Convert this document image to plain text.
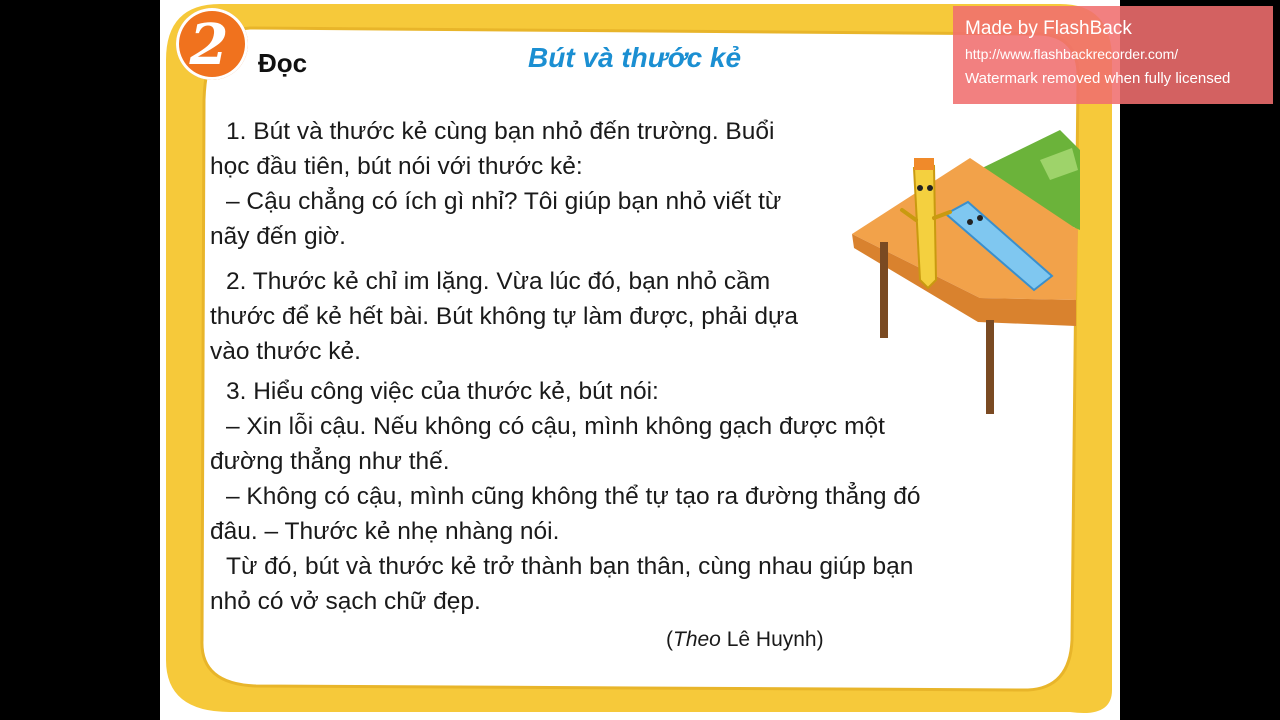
2	Đọc	Bút và thước kẻ
1. Bút và thước kẻ cùng bạn nhỏ đến trường. Buổi
học đầu tiên, bút nói với thước kẻ:
– Cậu chẳng có ích gì nhỉ? Tôi giúp bạn nhỏ viết từ
nãy đến giờ.
2. Thước kẻ chỉ im lặng. Vừa lúc đó, bạn nhỏ cầm
thước để kẻ hết bài. Bút không tự làm được, phải dựa
vào thước kẻ.
3. Hiểu công việc của thước kẻ, bút nói:
– Xin lỗi cậu. Nếu không có cậu, mình không gạch được một
đường thẳng như thế.
– Không có cậu, mình cũng không thể tự tạo ra đường thẳng đó
đâu. – Thước kẻ nhẹ nhàng nói.
Từ đó, bút và thước kẻ trở thành bạn thân, cùng nhau giúp bạn
nhỏ có vở sạch chữ đẹp.
(Theo Lê Huynh)
Made by FlashBack
http://www.flashbackrecorder.com/
Watermark removed when fully licensed
